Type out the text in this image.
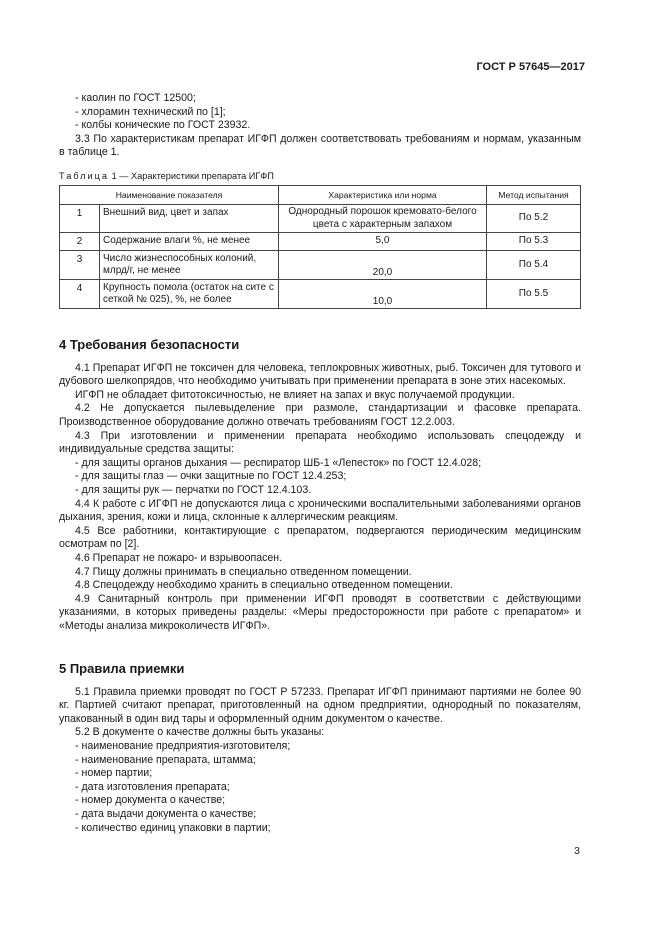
ГОСТ Р 57645—2017

- каолин по ГОСТ 12500;

- хлорамин технический по [1];

- колбы конические по ГОСТ 23932.

3.3 По характеристикам препарат ИГФП должен соответствовать требованиям и нормам, указанным в таблице 1.

Таблица 1 — Характеристики препарата ИГФП
Наименование показателя		Характеристика или норма	Метод испытания
1	Внешний вид, цвет и запах	Однородный порошок кремовато-белого цвета с характерным запахом	По 5.2
2	Содержание влаги %, не менее	5,0	По 5.3
3	Число жизнеспособных колоний, млрд/г, не менее	20,0	По 5.4
4	Крупность помола (остаток на сите с сеткой № 025), %, не более	10,0	По 5.5
4 Требования безопасности

4.1 Препарат ИГФП не токсичен для человека, теплокровных животных, рыб. Токсичен для тутового и дубового шелкопрядов, что необходимо учитывать при применении препарата в зоне этих насекомых.

ИГФП не обладает фитотоксичностью, не влияет на запах и вкус получаемой продукции.

4.2 Не допускается пылевыделение при размоле, стандартизации и фасовке препарата. Производственное оборудование должно отвечать требованиям ГОСТ 12.2.003.

4.3 При изготовлении и применении препарата необходимо использовать спецодежду и индивидуальные средства защиты:

- для защиты органов дыхания — респиратор ШБ-1 «Лепесток» по ГОСТ 12.4.028;

- для защиты глаз — очки защитные по ГОСТ 12.4.253;

- для защиты рук — перчатки по ГОСТ 12.4.103.

4.4 К работе с ИГФП не допускаются лица с хроническими воспалительными заболеваниями органов дыхания, зрения, кожи и лица, склонные к аллергическим реакциям.

4.5 Все работники, контактирующие с препаратом, подвергаются периодическим медицинским осмотрам по [2].

4.6 Препарат не пожаро- и взрывоопасен.

4.7 Пищу должны принимать в специально отведенном помещении.

4.8 Спецодежду необходимо хранить в специально отведенном помещении.

4.9 Санитарный контроль при применении ИГФП проводят в соответствии с действующими указаниями, в которых приведены разделы: «Меры предосторожности при работе с препаратом» и «Методы анализа микроколичеств ИГФП».

5 Правила приемки

5.1 Правила приемки проводят по ГОСТ Р 57233. Препарат ИГФП принимают партиями не более 90 кг. Партией считают препарат, приготовленный на одном предприятии, однородный по показателям, упакованный в один вид тары и оформленный одним документом о качестве.

5.2 В документе о качестве должны быть указаны:

- наименование предприятия-изготовителя;

- наименование препарата, штамма;

- номер партии;

- дата изготовления препарата;

- номер документа о качестве;

- дата выдачи документа о качестве;

- количество единиц упаковки в партии;

3
